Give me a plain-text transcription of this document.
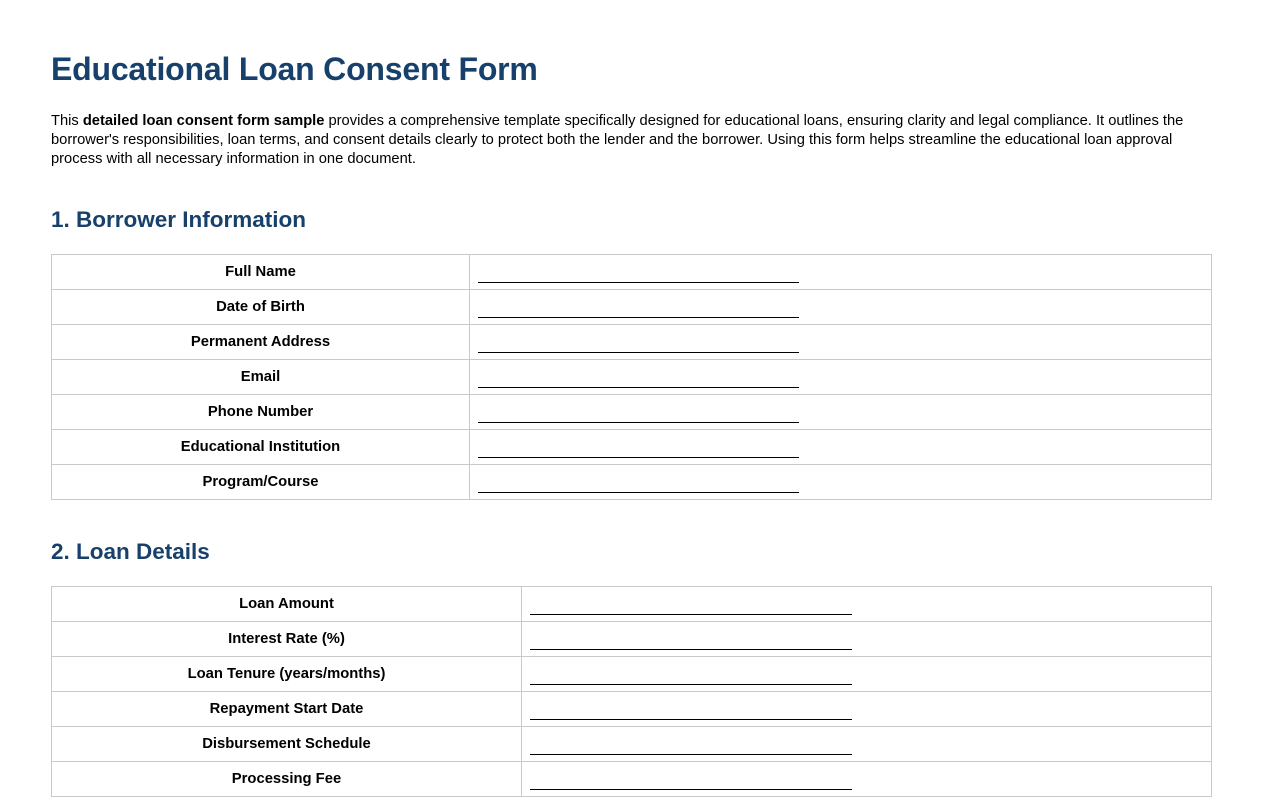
Educational Loan Consent Form

This detailed loan consent form sample provides a comprehensive template specifically designed for educational loans, ensuring clarity and legal compliance. It outlines the borrower's responsibilities, loan terms, and consent details clearly to protect both the lender and the borrower. Using this form helps streamline the educational loan approval process with all necessary information in one document.

1. Borrower Information
Full Name	

Date of Birth	

Permanent Address	

Email	

Phone Number	

Educational Institution	

Program/Course	
2. Loan Details
Loan Amount	

Interest Rate (%)	

Loan Tenure (years/months)	

Repayment Start Date	

Disbursement Schedule	

Processing Fee	
